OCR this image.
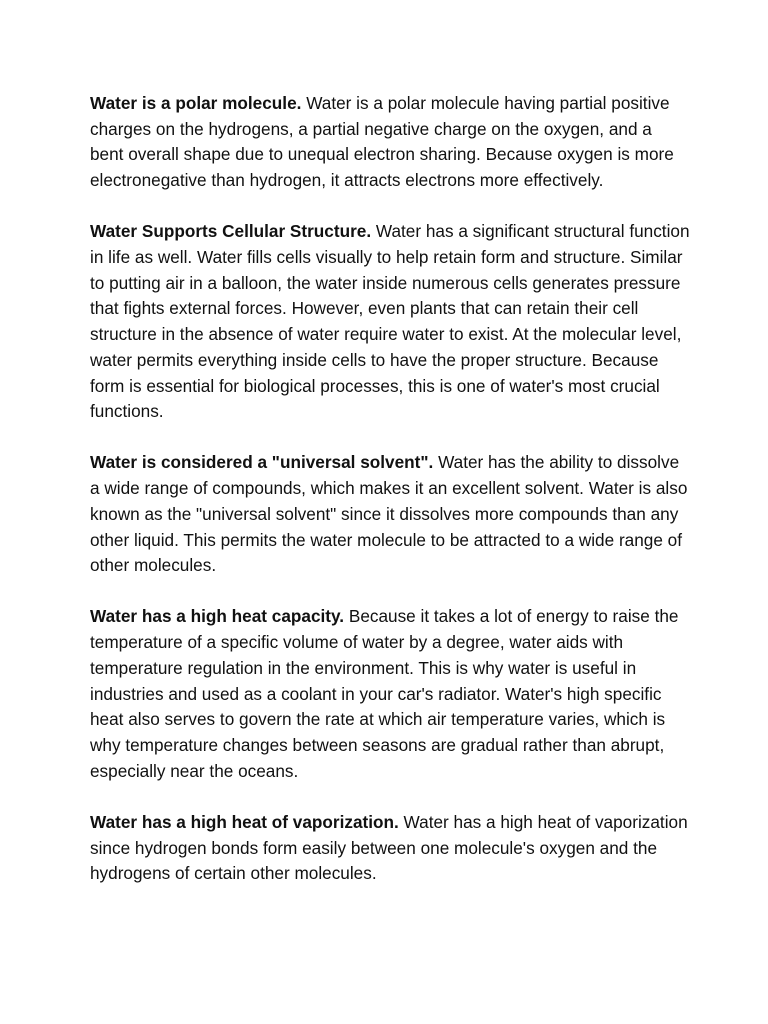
Water is a polar molecule. Water is a polar molecule having partial positive charges on the hydrogens, a partial negative charge on the oxygen, and a bent overall shape due to unequal electron sharing. Because oxygen is more electronegative than hydrogen, it attracts electrons more effectively.

Water Supports Cellular Structure. Water has a significant structural function in life as well. Water fills cells visually to help retain form and structure. Similar to putting air in a balloon, the water inside numerous cells generates pressure that fights external forces. However, even plants that can retain their cell structure in the absence of water require water to exist. At the molecular level, water permits everything inside cells to have the proper structure. Because form is essential for biological processes, this is one of water's most crucial functions.

Water is considered a "universal solvent". Water has the ability to dissolve a wide range of compounds, which makes it an excellent solvent. Water is also known as the "universal solvent" since it dissolves more compounds than any other liquid. This permits the water molecule to be attracted to a wide range of other molecules.

Water has a high heat capacity. Because it takes a lot of energy to raise the temperature of a specific volume of water by a degree, water aids with temperature regulation in the environment. This is why water is useful in industries and used as a coolant in your car's radiator. Water's high specific heat also serves to govern the rate at which air temperature varies, which is why temperature changes between seasons are gradual rather than abrupt, especially near the oceans.

Water has a high heat of vaporization. Water has a high heat of vaporization since hydrogen bonds form easily between one molecule's oxygen and the hydrogens of certain other molecules.
